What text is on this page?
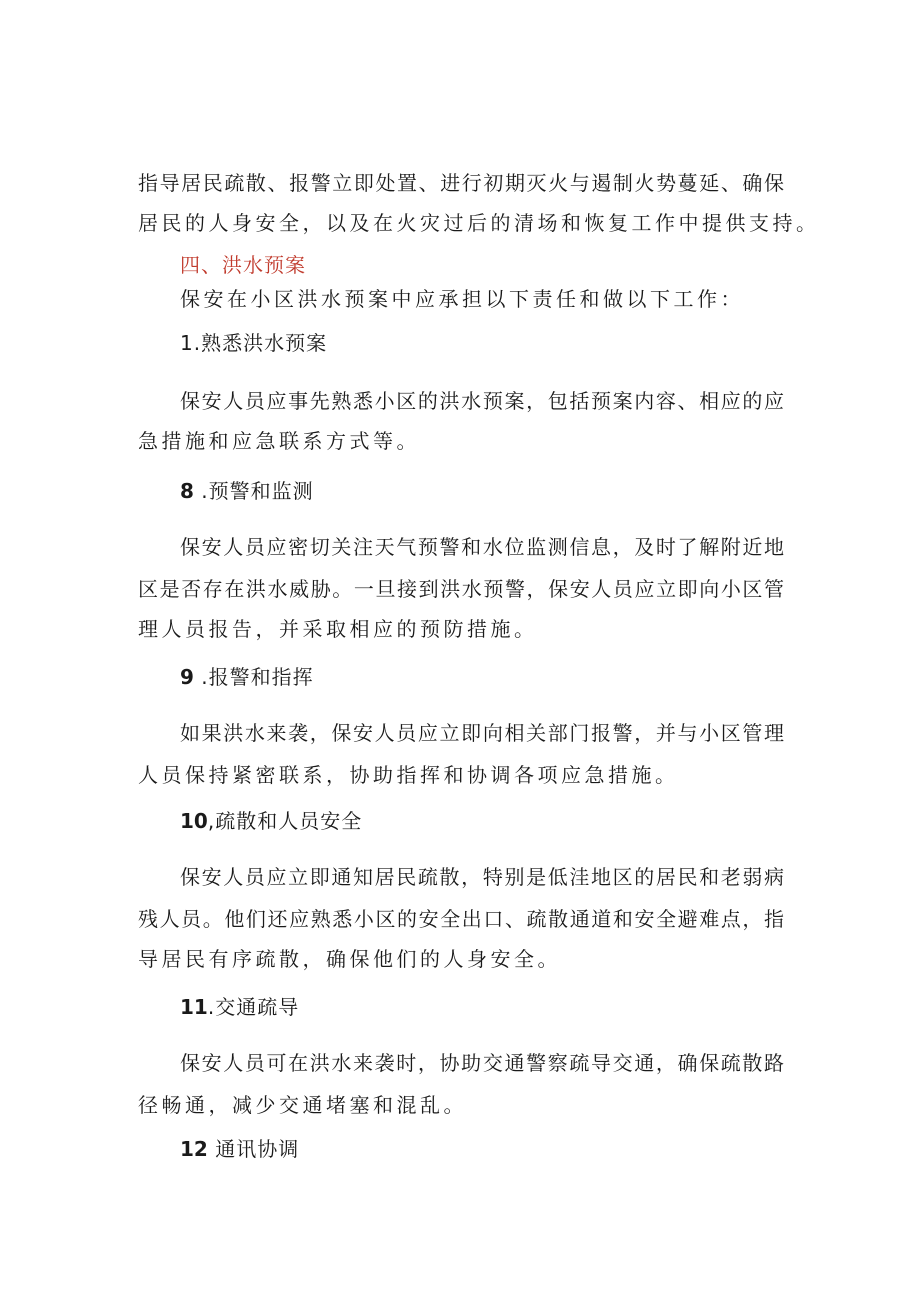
指导居民疏散、报警立即处置、进行初期灭火与遏制火势蔓延、确保
居民的人身安全，以及在火灾过后的清场和恢复工作中提供支持。
四、洪水预案
保安在小区洪水预案中应承担以下责任和做以下工作：
1.熟悉洪水预案
保安人员应事先熟悉小区的洪水预案，包括预案内容、相应的应
急措施和应急联系方式等。
8 .预警和监测
保安人员应密切关注天气预警和水位监测信息，及时了解附近地
区是否存在洪水威胁。一旦接到洪水预警，保安人员应立即向小区管
理人员报告，并采取相应的预防措施。
9 .报警和指挥
如果洪水来袭，保安人员应立即向相关部门报警，并与小区管理
人员保持紧密联系，协助指挥和协调各项应急措施。
10,疏散和人员安全
保安人员应立即通知居民疏散，特别是低洼地区的居民和老弱病
残人员。他们还应熟悉小区的安全出口、疏散通道和安全避难点，指
导居民有序疏散，确保他们的人身安全。
11.交通疏导
保安人员可在洪水来袭时，协助交通警察疏导交通，确保疏散路
径畅通，减少交通堵塞和混乱。
12 通讯协调
